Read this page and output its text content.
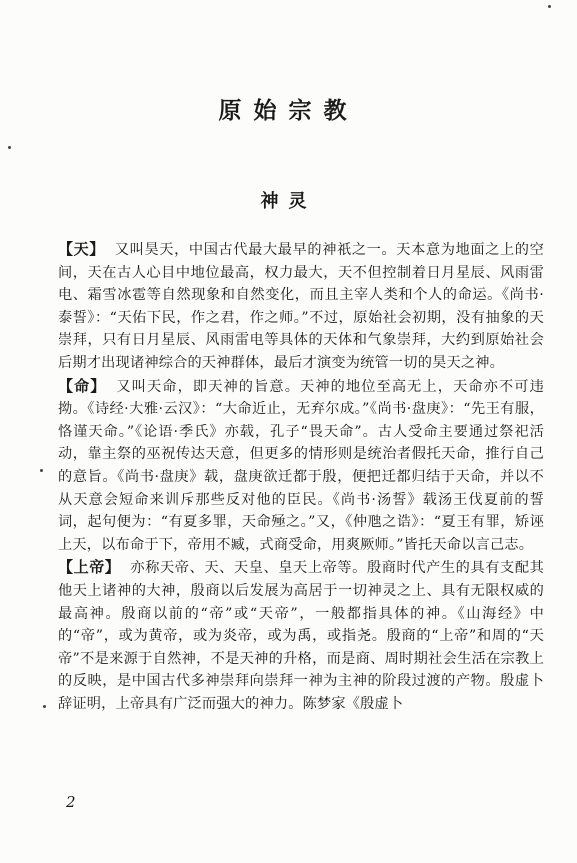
原始宗教
神灵

【天】 又叫昊天，中国古代最大最早的神祇之一。天本意为地面之上的空间，天在古人心目中地位最高，权力最大，天不但控制着日月星辰、风雨雷电、霜雪冰雹等自然现象和自然变化，而且主宰人类和个人的命运。《尚书·泰誓》：“天佑下民，作之君，作之师。”不过，原始社会初期，没有抽象的天崇拜，只有日月星辰、风雨雷电等具体的天体和气象崇拜，大约到原始社会后期才出现诸神综合的天神群体，最后才演变为统管一切的昊天之神。

【命】 又叫天命，即天神的旨意。天神的地位至高无上，天命亦不可违拗。《诗经·大雅·云汉》：“大命近止，无弃尔成。”《尚书·盘庚》：“先王有服，恪谨天命。”《论语·季氏》亦载，孔子“畏天命”。古人受命主要通过祭祀活动，靠主祭的巫祝传达天意，但更多的情形则是统治者假托天命，推行自己的意旨。《尚书·盘庚》载，盘庚欲迁都于殷，便把迁都归结于天命，并以不从天意会短命来训斥那些反对他的臣民。《尚书·汤誓》载汤王伐夏前的誓词，起句便为：“有夏多罪，天命殛之。”又，《仲虺之诰》：“夏王有罪，矫诬上天，以布命于下，帝用不臧，式商受命，用爽厥师。”皆托天命以言己志。

【上帝】 亦称天帝、天、天皇、皇天上帝等。殷商时代产生的具有支配其他天上诸神的大神，殷商以后发展为高居于一切神灵之上、具有无限权威的最高神。殷商以前的“帝”或“天帝”，一般都指具体的神。《山海经》中的“帝”，或为黄帝，或为炎帝，或为禹，或指尧。殷商的“上帝”和周的“天帝”不是来源于自然神，不是天神的升格，而是商、周时期社会生活在宗教上的反映，是中国古代多神崇拜向崇拜一神为主神的阶段过渡的产物。殷虚卜辞证明，上帝具有广泛而强大的神力。陈梦家《殷虚卜

2
